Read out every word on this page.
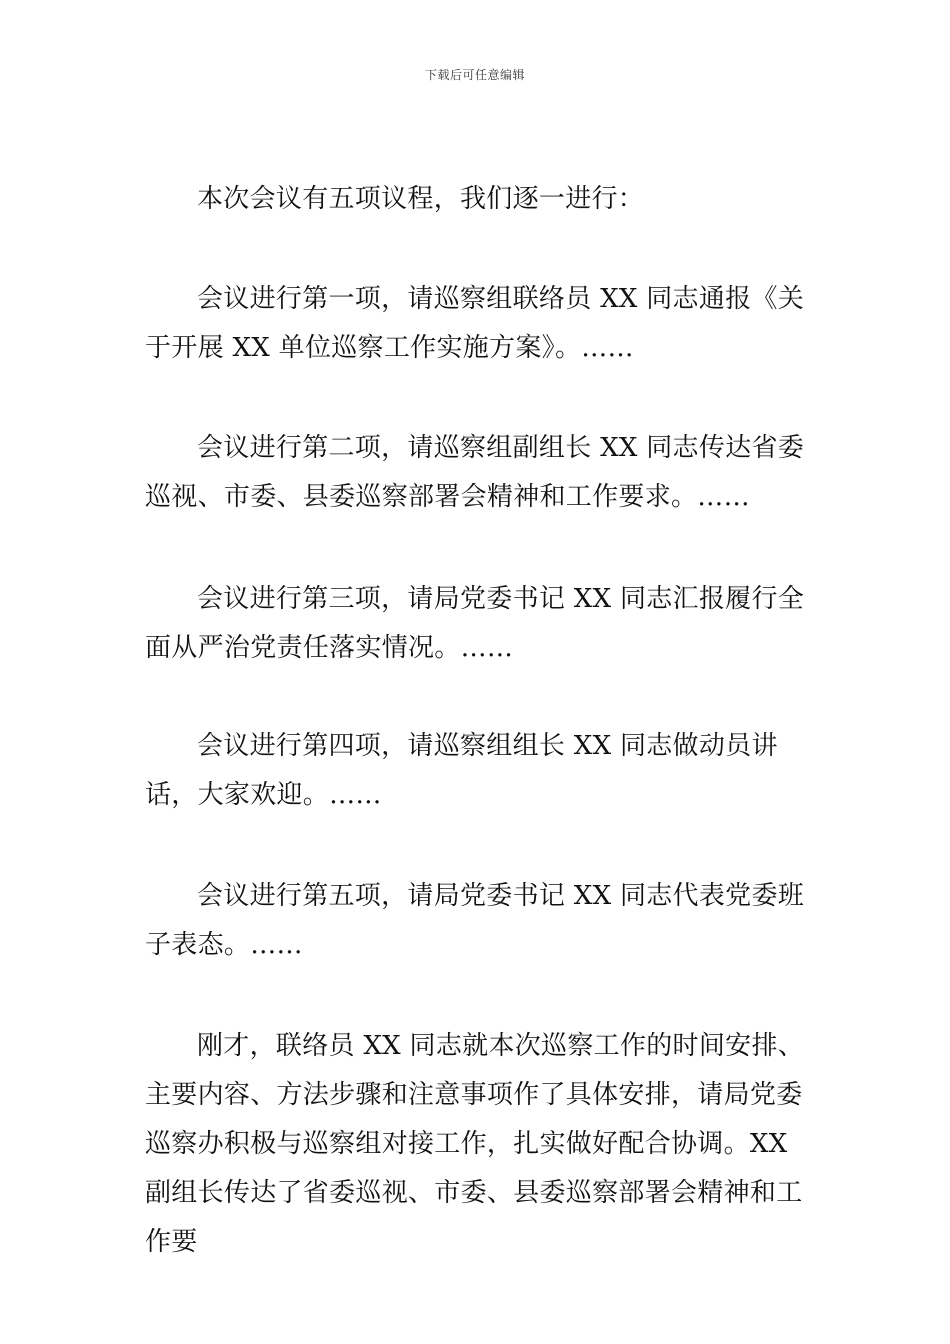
下载后可任意编辑

本次会议有五项议程，我们逐一进行：

会议进行第一项，请巡察组联络员 XX 同志通报《关于开展 XX 单位巡察工作实施方案》。……

会议进行第二项，请巡察组副组长 XX 同志传达省委巡视、市委、县委巡察部署会精神和工作要求。……

会议进行第三项，请局党委书记 XX 同志汇报履行全面从严治党责任落实情况。……

会议进行第四项，请巡察组组长 XX 同志做动员讲话，大家欢迎。……

会议进行第五项，请局党委书记 XX 同志代表党委班子表态。……

刚才，联络员 XX 同志就本次巡察工作的时间安排、主要内容、方法步骤和注意事项作了具体安排，请局党委巡察办积极与巡察组对接工作，扎实做好配合协调。XX 副组长传达了省委巡视、市委、县委巡察部署会精神和工作要
